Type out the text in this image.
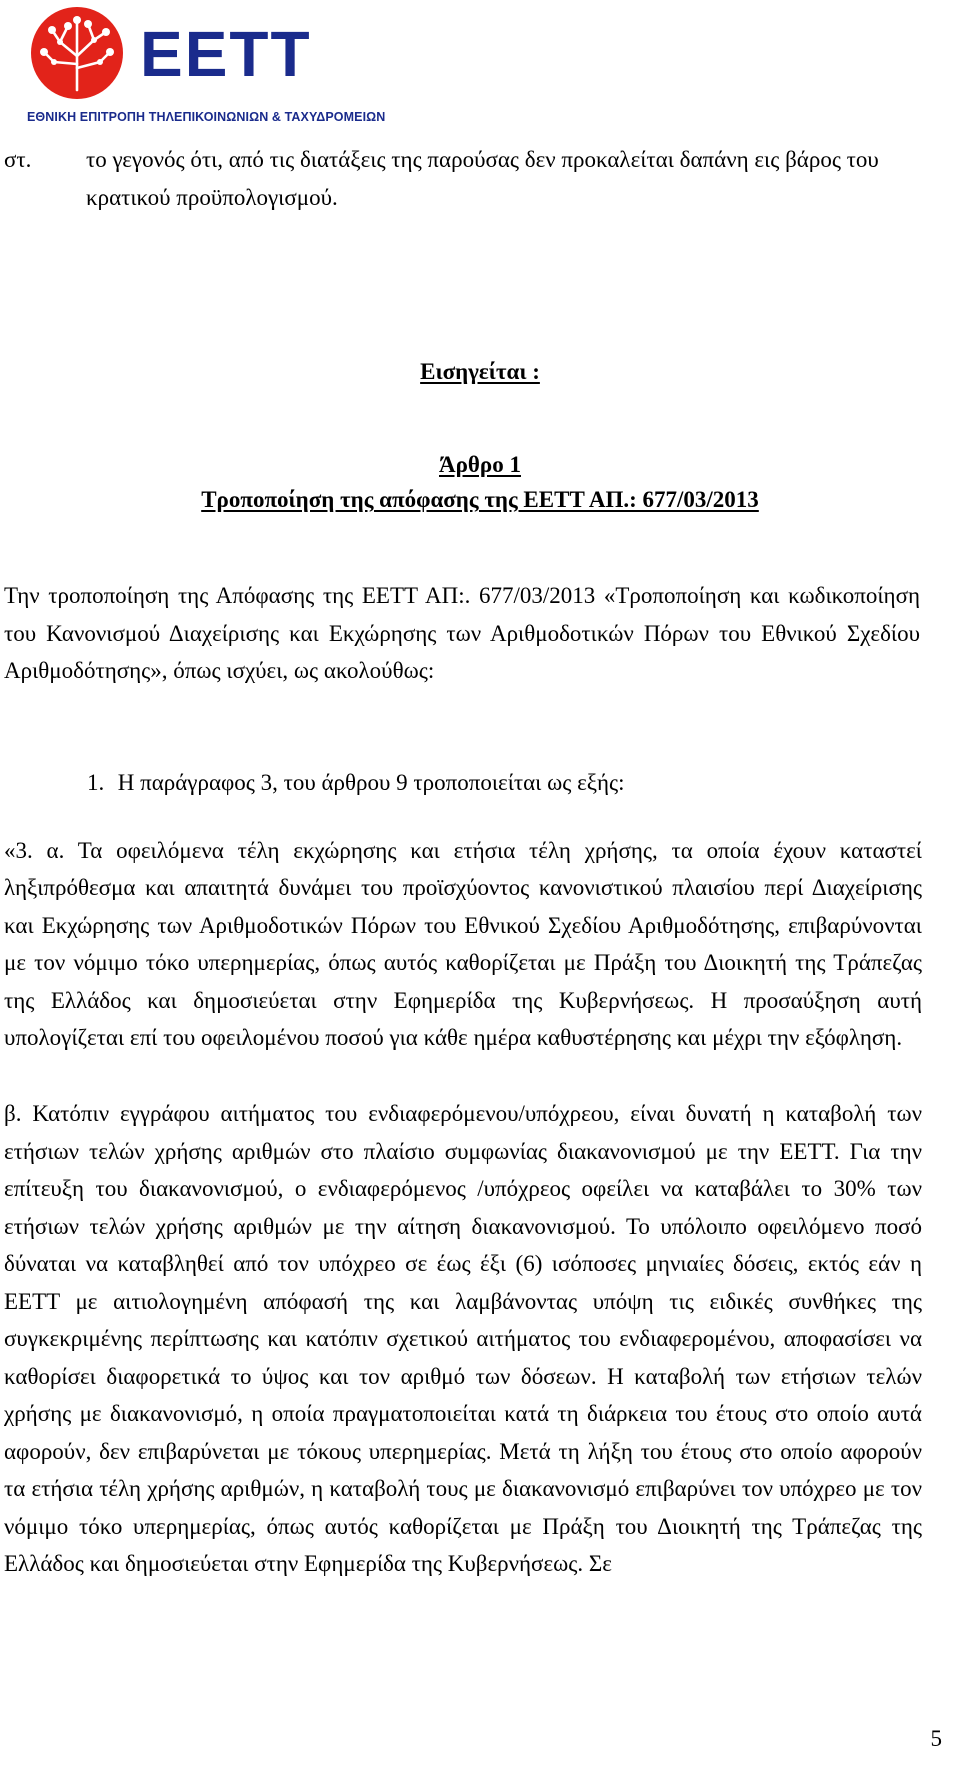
ΕΕΤΤ
ΕΘΝΙΚΗ ΕΠΙΤΡΟΠΗ ΤΗΛΕΠΙΚΟΙΝΩΝΙΩΝ & ΤΑΧΥΔΡΟΜΕΙΩΝ
στ. το γεγονός ότι, από τις διατάξεις της παρούσας δεν προκαλείται δαπάνη εις βάρος του κρατικού προϋπολογισμού.
Εισηγείται :
Άρθρο 1
Τροποποίηση της απόφασης της ΕΕΤΤ ΑΠ.: 677/03/2013
Την τροποποίηση της Απόφασης της ΕΕΤΤ ΑΠ:. 677/03/2013 «Τροποποίηση και κωδικοποίηση του Κανονισμού Διαχείρισης και Εκχώρησης των Αριθμοδοτικών Πόρων του Εθνικού Σχεδίου Αριθμοδότησης», όπως ισχύει, ως ακολούθως:
1. Η παράγραφος 3, του άρθρου 9 τροποποιείται ως εξής:
«3. α. Τα οφειλόμενα τέλη εκχώρησης και ετήσια τέλη χρήσης, τα οποία έχουν καταστεί ληξιπρόθεσμα και απαιτητά δυνάμει του προϊσχύοντος κανονιστικού πλαισίου περί Διαχείρισης και Εκχώρησης των Αριθμοδοτικών Πόρων του Εθνικού Σχεδίου Αριθμοδότησης, επιβαρύνονται με τον νόμιμο τόκο υπερημερίας, όπως αυτός καθορίζεται με Πράξη του Διοικητή της Τράπεζας της Ελλάδος και δημοσιεύεται στην Εφημερίδα της Κυβερνήσεως. Η προσαύξηση αυτή υπολογίζεται επί του οφειλομένου ποσού για κάθε ημέρα καθυστέρησης και μέχρι την εξόφληση.
β. Κατόπιν εγγράφου αιτήματος του ενδιαφερόμενου/υπόχρεου, είναι δυνατή η καταβολή των ετήσιων τελών χρήσης αριθμών στο πλαίσιο συμφωνίας διακανονισμού με την ΕΕΤΤ. Για την επίτευξη του διακανονισμού, ο ενδιαφερόμενος /υπόχρεος οφείλει να καταβάλει το 30% των ετήσιων τελών χρήσης αριθμών με την αίτηση διακανονισμού. Το υπόλοιπο οφειλόμενο ποσό δύναται να καταβληθεί από τον υπόχρεο σε έως έξι (6) ισόποσες μηνιαίες δόσεις, εκτός εάν η ΕΕΤΤ με αιτιολογημένη απόφασή της και λαμβάνοντας υπόψη τις ειδικές συνθήκες της συγκεκριμένης περίπτωσης και κατόπιν σχετικού αιτήματος του ενδιαφερομένου, αποφασίσει να καθορίσει διαφορετικά το ύψος και τον αριθμό των δόσεων. Η καταβολή των ετήσιων τελών χρήσης με διακανονισμό, η οποία πραγματοποιείται κατά τη διάρκεια του έτους στο οποίο αυτά αφορούν, δεν επιβαρύνεται με τόκους υπερημερίας. Μετά τη λήξη του έτους στο οποίο αφορούν τα ετήσια τέλη χρήσης αριθμών, η καταβολή τους με διακανονισμό επιβαρύνει τον υπόχρεο με τον νόμιμο τόκο υπερημερίας, όπως αυτός καθορίζεται με Πράξη του Διοικητή της Τράπεζας της Ελλάδος και δημοσιεύεται στην Εφημερίδα της Κυβερνήσεως. Σε
5
